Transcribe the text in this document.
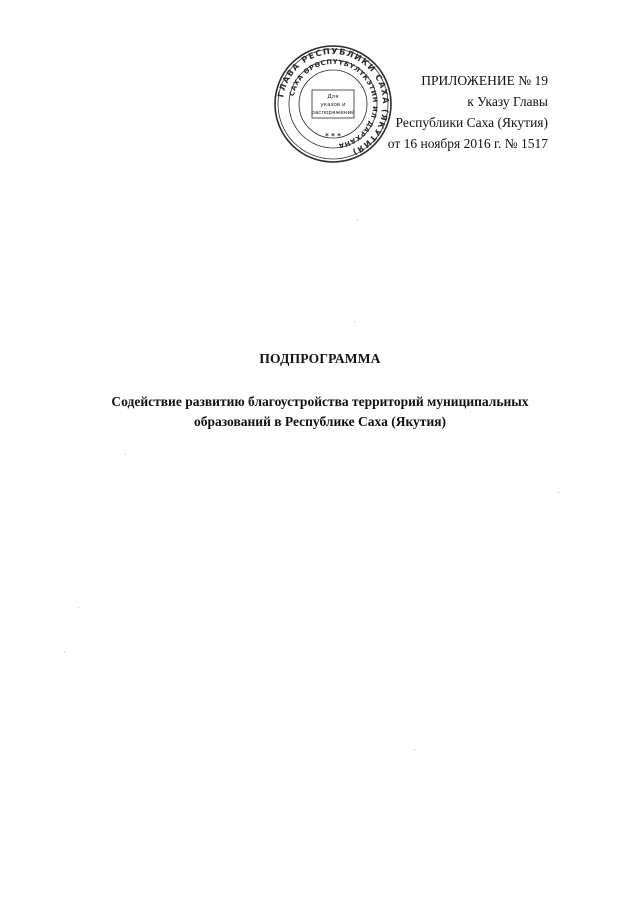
ПРИЛОЖЕНИЕ № 19
к Указу Главы
Республики Саха (Якутия)
от 16 ноября 2016 г. № 1517
ГЛАВА РЕСПУБЛИКИ САХА (ЯКУТИЯ)
САХА ӨРӨСПҮҮБҮЛҮКЭТИН ИЛ ДАРХАНА
Для
указов и
распоряжений
* * *
ПОДПРОГРАММА
Содействие развитию благоустройства территорий муниципальных
образований в Республике Саха (Якутия)
